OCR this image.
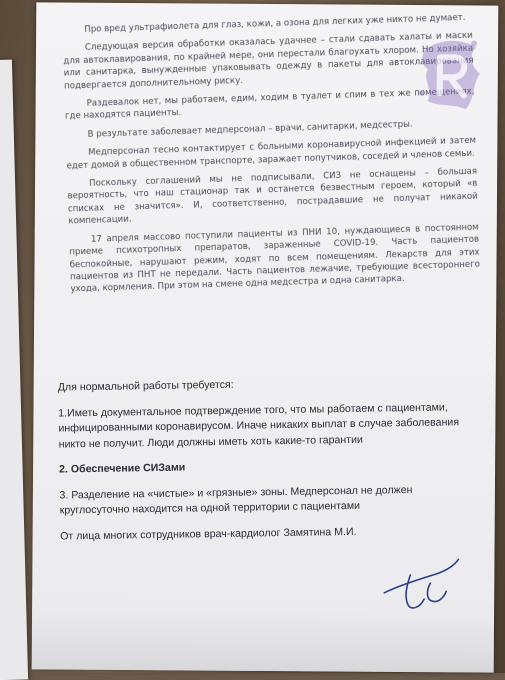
Про вред ультрафиолета для глаз, кожи, а озона для легких уже никто не думает.

Следующая версия обработки оказалась удачнее – стали сдавать халаты и маски для автоклавирования, по крайней мере, они перестали благоухать хлором. Но хозяйка или санитарка, вынужденные упаковывать одежду в пакеты для автоклавирования подвергается дополнительному риску.

Раздевалок нет, мы работаем, едим, ходим в туалет и спим в тех же помещениях, где находятся пациенты.

В результате заболевает медперсонал – врачи, санитарки, медсестры.

Медперсонал тесно контактирует с больными коронавирусной инфекцией и затем едет домой в общественном транспорте, заражает попутчиков, соседей и членов семьи.

Поскольку соглашений мы не подписывали, СИЗ не оснащены – большая вероятность, что наш стационар так и останется безвестным героем, который «в списках не значится». И, соответственно, пострадавшие не получат никакой компенсации.

17 апреля массово поступили пациенты из ПНИ 10, нуждающиеся в постоянном приеме психотропных препаратов, зараженные COVID-19. Часть пациентов беспокойные, нарушают режим, ходят по всем помещениям. Лекарств для этих пациентов из ПНТ не передали. Часть пациентов лежачие, требующие всестороннего ухода, кормления. При этом на смене одна медсестра и одна санитарка.

Для нормальной работы требуется:
1.Иметь документальное подтверждение того, что мы работаем с пациентами, инфицированными коронавирусом. Иначе никаких выплат в случае заболевания никто не получит. Люди должны иметь хоть какие-то гарантии
2. Обеспечение СИЗами
3. Разделение на «чистые» и «грязные» зоны. Медперсонал не должен круглосуточно находится на одной территории с пациентами
От лица многих сотрудников врач-кардиолог Замятина М.И.
